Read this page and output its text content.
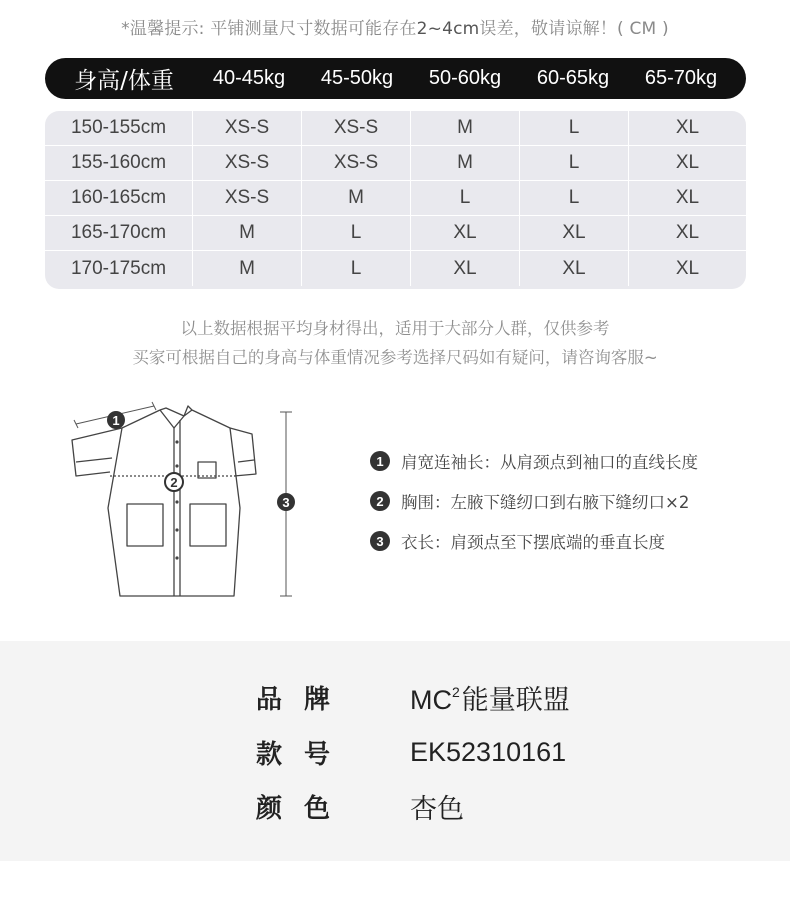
*温馨提示: 平铺测量尺寸数据可能存在2~4cm误差，敬请谅解！( CM )
身高/体重	40-45kg	45-50kg	50-60kg	60-65kg	65-70kg
150-155cm	XS-S	XS-S	M	L	XL
155-160cm	XS-S	XS-S	M	L	XL
160-165cm	XS-S	M	L	L	XL
165-170cm	M	L	XL	XL	XL
170-175cm	M	L	XL	XL	XL
以上数据根据平均身材得出，适用于大部分人群，仅供参考
买家可根据自己的身高与体重情况参考选择尺码如有疑问，请咨询客服~
1
2
3
1	肩宽连袖长：从肩颈点到袖口的直线长度
2	胸围：左腋下缝纫口到右腋下缝纫口×2
3	衣长：肩颈点至下摆底端的垂直长度
品牌 $MC^2$能量联盟
款号 EK52310161
颜色 杏色
